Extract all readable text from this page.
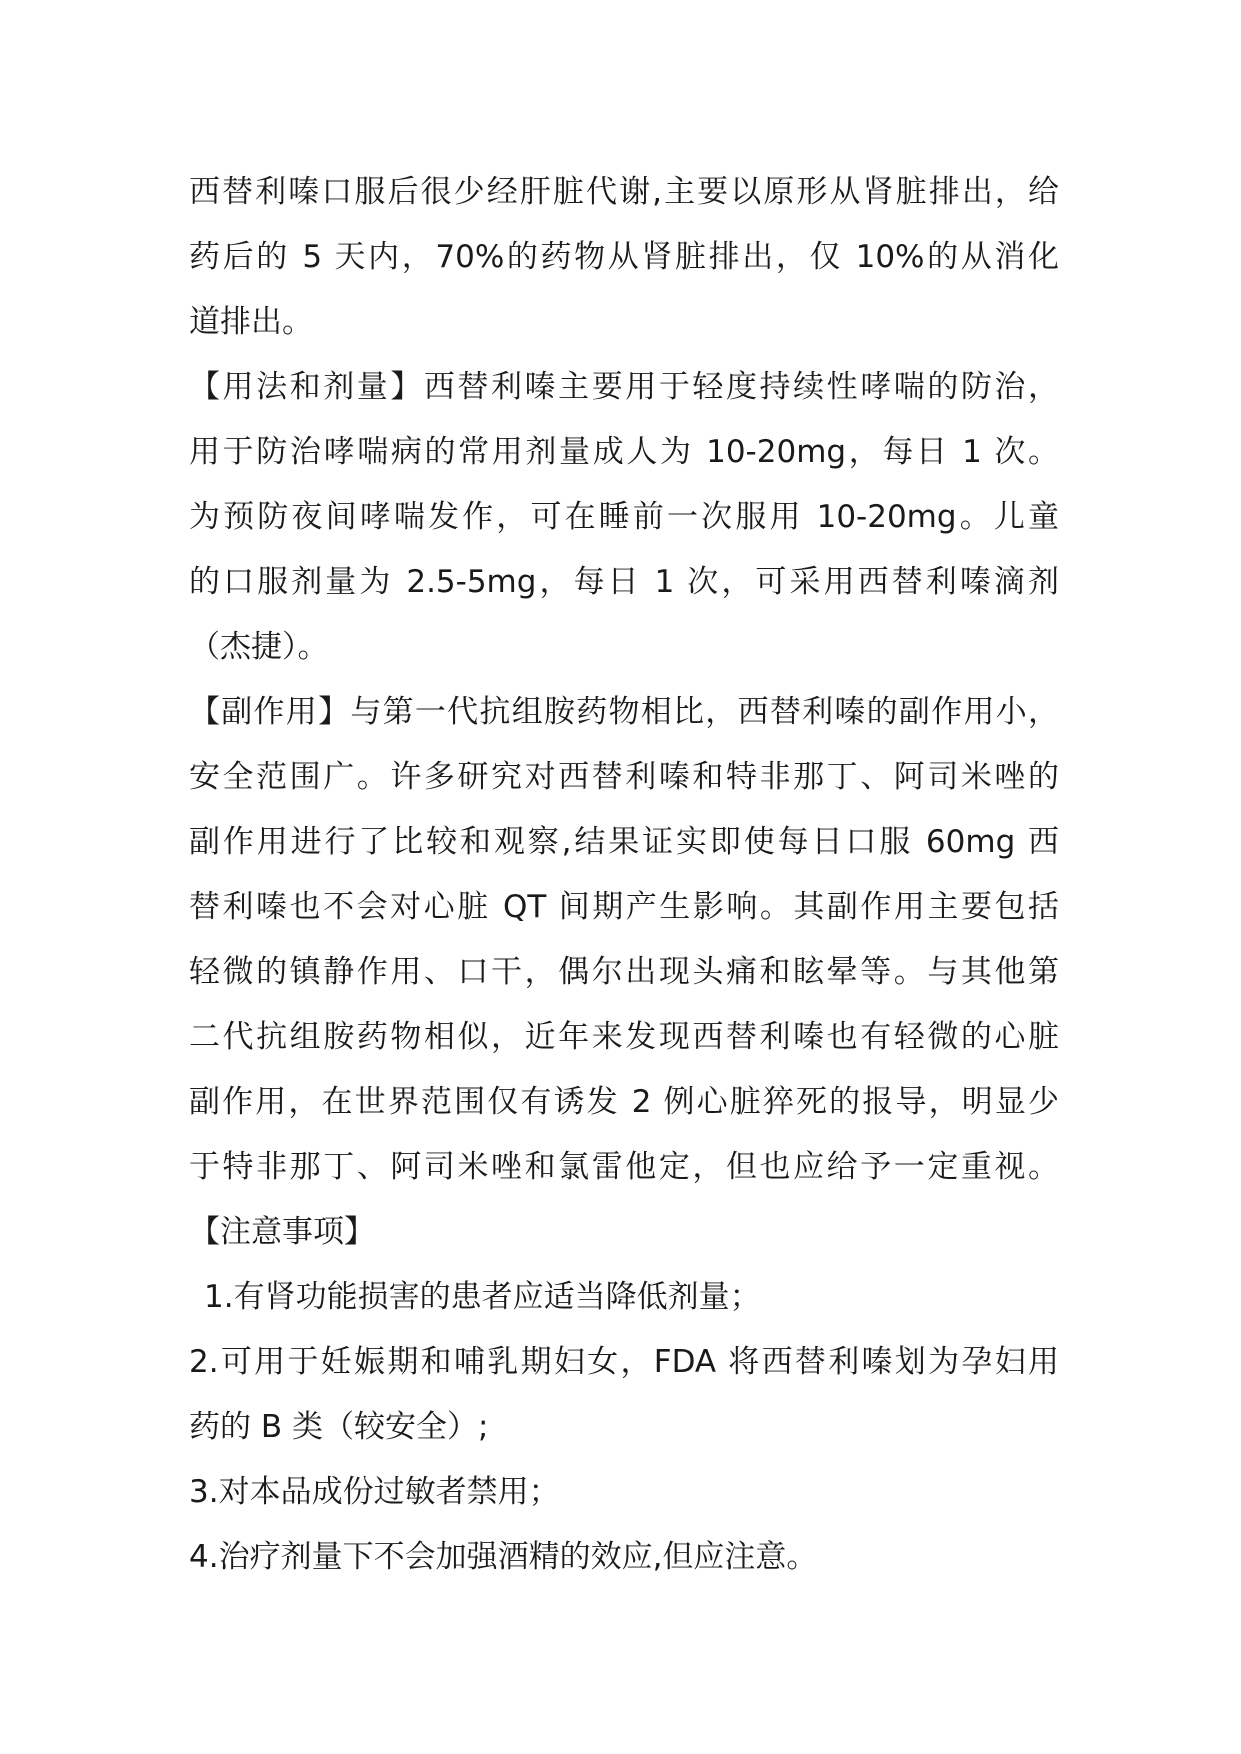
西替利嗪口服后很少经肝脏代谢,主要以原形从肾脏排出，给
药后的 5 天内，70%的药物从肾脏排出，仅 10%的从消化
道排出。
【用法和剂量】西替利嗪主要用于轻度持续性哮喘的防治，
用于防治哮喘病的常用剂量成人为 10-20mg，每日 1 次。
为预防夜间哮喘发作，可在睡前一次服用 10-20mg。儿童
的口服剂量为 2.5-5mg，每日 1 次，可采用西替利嗪滴剂
（杰捷）。
【副作用】与第一代抗组胺药物相比，西替利嗪的副作用小，
安全范围广。许多研究对西替利嗪和特非那丁、阿司米唑的
副作用进行了比较和观察,结果证实即使每日口服 60mg 西
替利嗪也不会对心脏 QT 间期产生影响。其副作用主要包括
轻微的镇静作用、口干，偶尔出现头痛和眩晕等。与其他第
二代抗组胺药物相似，近年来发现西替利嗪也有轻微的心脏
副作用，在世界范围仅有诱发 2 例心脏猝死的报导，明显少
于特非那丁、阿司米唑和氯雷他定，但也应给予一定重视。
【注意事项】
1.有肾功能损害的患者应适当降低剂量；
2.可用于妊娠期和哺乳期妇女，FDA 将西替利嗪划为孕妇用
药的 B 类（较安全）;
3.对本品成份过敏者禁用；
4.治疗剂量下不会加强酒精的效应,但应注意。
